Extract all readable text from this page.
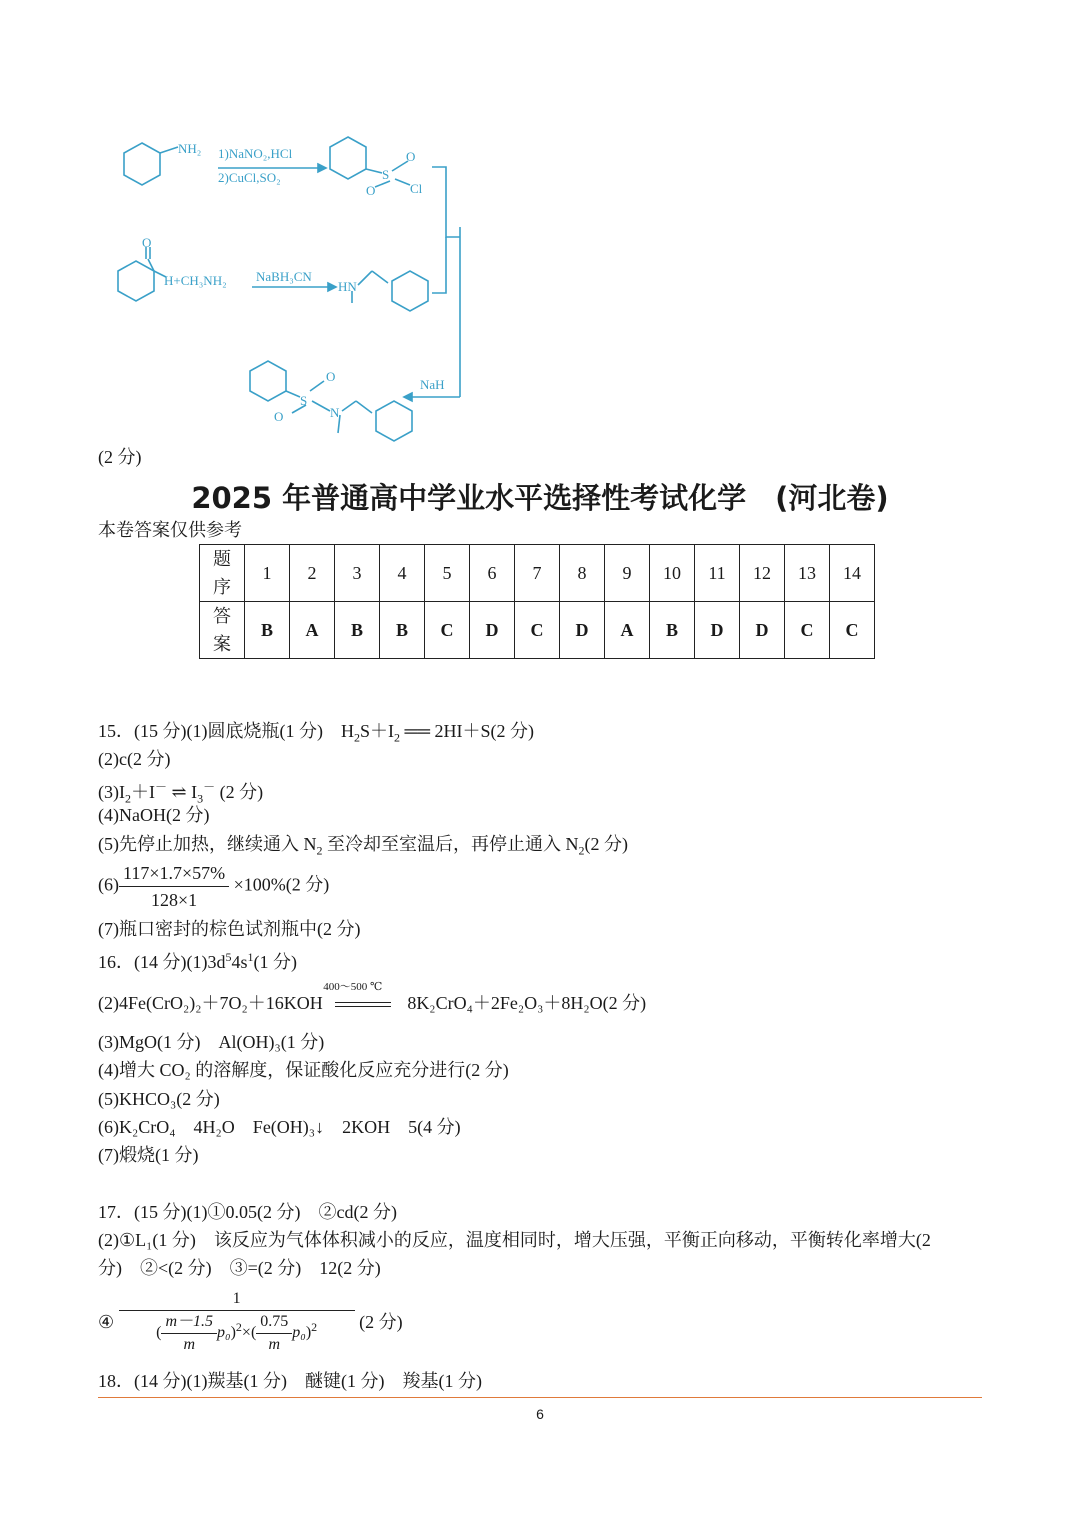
NH₂ 1)NaNO₂,HCl
2)CuCl,SO₂
O
S
O	Cl
O
H+CH₃NH₂ NaBH₃CN
HN
NaH
O
S
O	N
(2 分)
2025 年普通高中学业水平选择性考试化学　(河北卷)
本卷答案仅供参考
题
序	1	2	3	4	5	6	7	8	9	10	11	12	13	14
答
案	B	A	B	B	C	D	C	D	A	B	D	D	C	C
15．(15 分)(1)圆底烧瓶(1 分)　$H_2S+I_2$ ══ 2HI＋S(2 分)
(2)c(2 分)
$(3)I_2+I^-$ ⇌ $I_3^-$ (2 分)
(4)NaOH(2 分)
(5)先停止加热，继续通入 $N_2$ 至冷却至室温后，再停止通入 $N_2(2$ 分)
$(6) \frac{117\times 1.7\times 57\%}{128\times 1} \times 100\%(2$ 分)
(7)瓶口密封的棕色试剂瓶中(2 分)
16．(14 分)$(1)3d^54s^1(1$ 分)
(2)4Fe(CrO₂)₂＋7O₂＋16KOH
400～500 ℃
8K₂CrO₄＋2Fe₂O₃＋8H₂O(2 分)
(3)MgO(1 分)　Al(OH)₃(1 分)
(4)增大 CO₂ 的溶解度，保证酸化反应充分进行(2 分)
(5)KHCO₃(2 分)
(6)K₂CrO₄　4H₂O　Fe(OH)₃↓　2KOH　5(4 分)
(7)煅烧(1 分)
17．(15 分)(1)①0.05(2 分)　②cd(2 分)
(2)①L₁(1 分)　该反应为气体体积减小的反应，温度相同时，增大压强，平衡正向移动，平衡转化率增大(2
分)　②<(2 分)　③=(2 分)　12(2 分)
④ $\frac{1}{( \frac{m-1.5}{m} p_0)^2\times( \frac{0.75}{m} p_0)^2} (2$ 分)
18．(14 分)(1)羰基(1 分)　醚键(1 分)　羧基(1 分)
6
